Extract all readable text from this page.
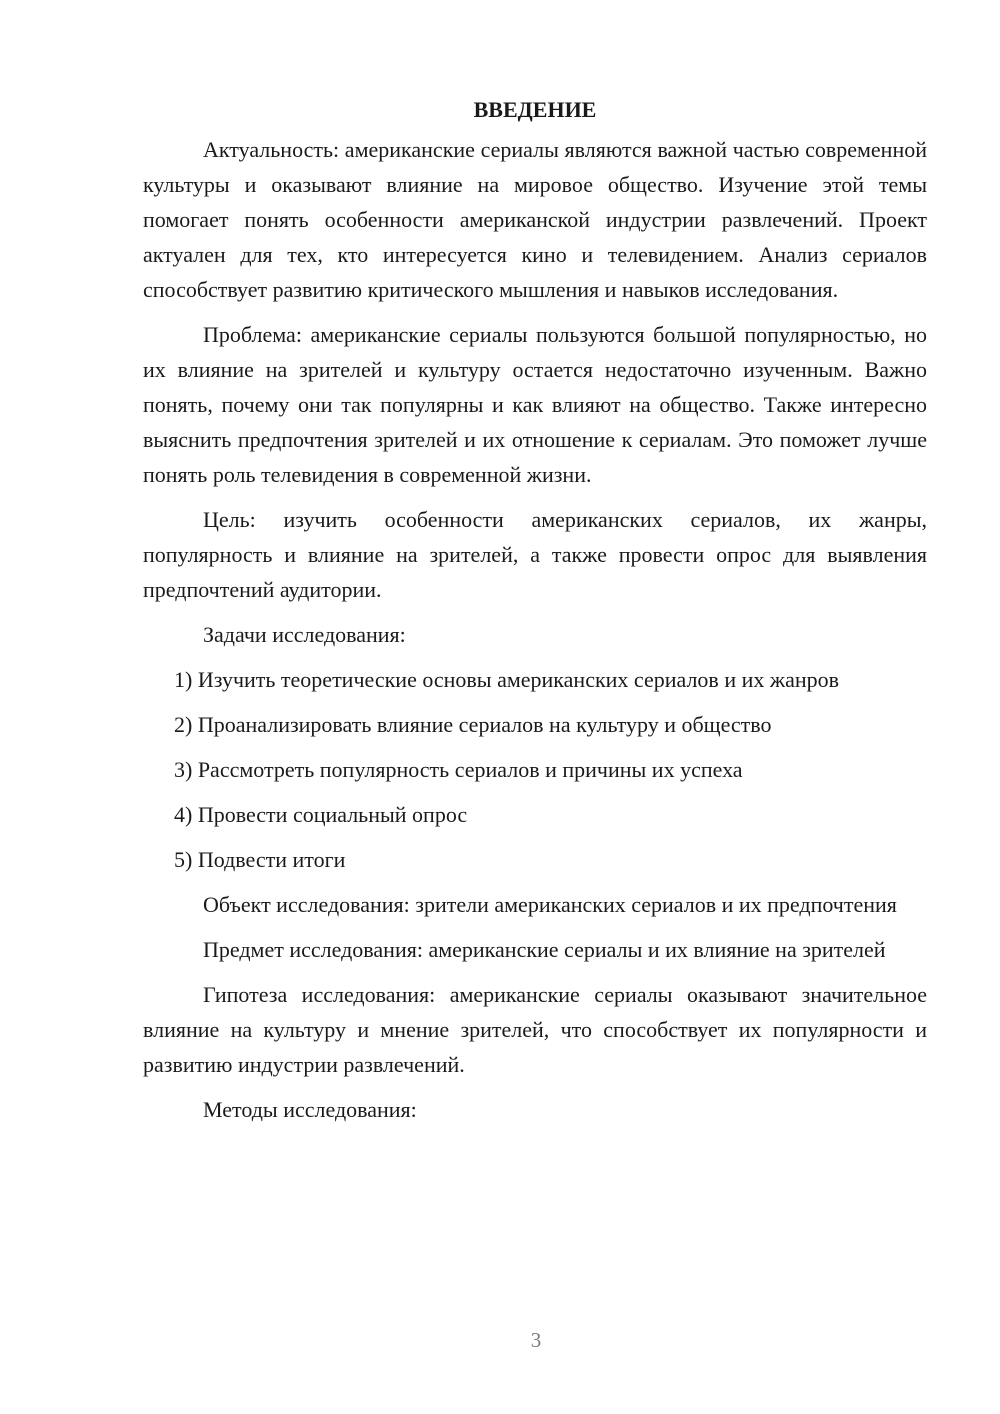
ВВЕДЕНИЕ

Актуальность: американские сериалы являются важной частью современной культуры и оказывают влияние на мировое общество. Изучение этой темы помогает понять особенности американской индустрии развлечений. Проект актуален для тех, кто интересуется кино и телевидением. Анализ сериалов способствует развитию критического мышления и навыков исследования.

Проблема: американские сериалы пользуются большой популярностью, но их влияние на зрителей и культуру остается недостаточно изученным. Важно понять, почему они так популярны и как влияют на общество. Также интересно выяснить предпочтения зрителей и их отношение к сериалам. Это поможет лучше понять роль телевидения в современной жизни.

Цель: изучить особенности американских сериалов, их жанры, популярность и влияние на зрителей, а также провести опрос для выявления предпочтений аудитории.

Задачи исследования:

1) Изучить теоретические основы американских сериалов и их жанров
2) Проанализировать влияние сериалов на культуру и общество
3) Рассмотреть популярность сериалов и причины их успеха
4) Провести социальный опрос
5) Подвести итоги

Объект исследования: зрители американских сериалов и их предпочтения

Предмет исследования: американские сериалы и их влияние на зрителей

Гипотеза исследования: американские сериалы оказывают значительное влияние на культуру и мнение зрителей, что способствует их популярности и развитию индустрии развлечений.

Методы исследования:

3
